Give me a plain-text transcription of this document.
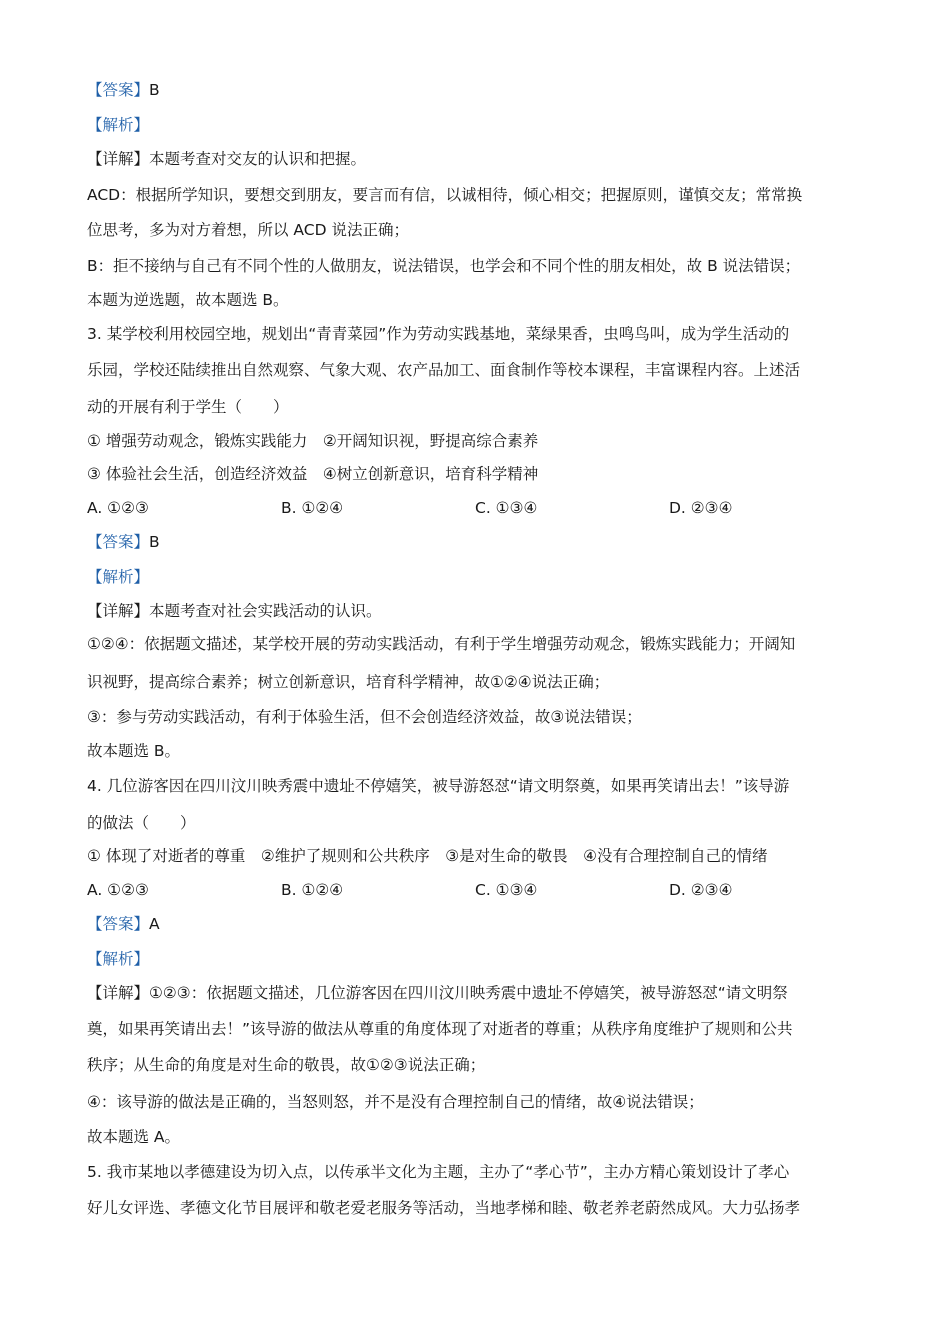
【答案】B
【解析】
【详解】本题考查对交友的认识和把握。
ACD：根据所学知识，要想交到朋友，要言而有信，以诚相待，倾心相交；把握原则，谨慎交友；常常换
位思考，多为对方着想，所以 ACD 说法正确；
B：拒不接纳与自己有不同个性的人做朋友，说法错误，也学会和不同个性的朋友相处，故 B 说法错误；
本题为逆选题，故本题选 B。
3. 某学校利用校园空地，规划出“青青菜园”作为劳动实践基地，菜绿果香，虫鸣鸟叫，成为学生活动的
乐园，学校还陆续推出自然观察、气象大观、农产品加工、面食制作等校本课程，丰富课程内容。上述活
动的开展有利于学生（　　）
① 增强劳动观念，锻炼实践能力　②开阔知识视，野提高综合素养
③ 体验社会生活，创造经济效益　④树立创新意识，培育科学精神
A. ①②③	B. ①②④	C. ①③④	D. ②③④
【答案】B
【解析】
【详解】本题考查对社会实践活动的认识。
①②④：依据题文描述，某学校开展的劳动实践活动，有利于学生增强劳动观念，锻炼实践能力；开阔知
识视野，提高综合素养；树立创新意识，培育科学精神，故①②④说法正确；
③：参与劳动实践活动，有利于体验生活，但不会创造经济效益，故③说法错误；
故本题选 B。
4. 几位游客因在四川汶川映秀震中遗址不停嬉笑，被导游怒怼“请文明祭奠，如果再笑请出去！”该导游
的做法（　　）
① 体现了对逝者的尊重　②维护了规则和公共秩序　③是对生命的敬畏　④没有合理控制自己的情绪
A. ①②③	B. ①②④	C. ①③④	D. ②③④
【答案】A
【解析】
【详解】①②③：依据题文描述，几位游客因在四川汶川映秀震中遗址不停嬉笑，被导游怒怼“请文明祭
奠，如果再笑请出去！”该导游的做法从尊重的角度体现了对逝者的尊重；从秩序角度维护了规则和公共
秩序；从生命的角度是对生命的敬畏，故①②③说法正确；
④：该导游的做法是正确的，当怒则怒，并不是没有合理控制自己的情绪，故④说法错误；
故本题选 A。
5. 我市某地以孝德建设为切入点，以传承半文化为主题，主办了“孝心节”，主办方精心策划设计了孝心
好儿女评选、孝德文化节目展评和敬老爱老服务等活动，当地孝梯和睦、敬老养老蔚然成风。大力弘扬孝
